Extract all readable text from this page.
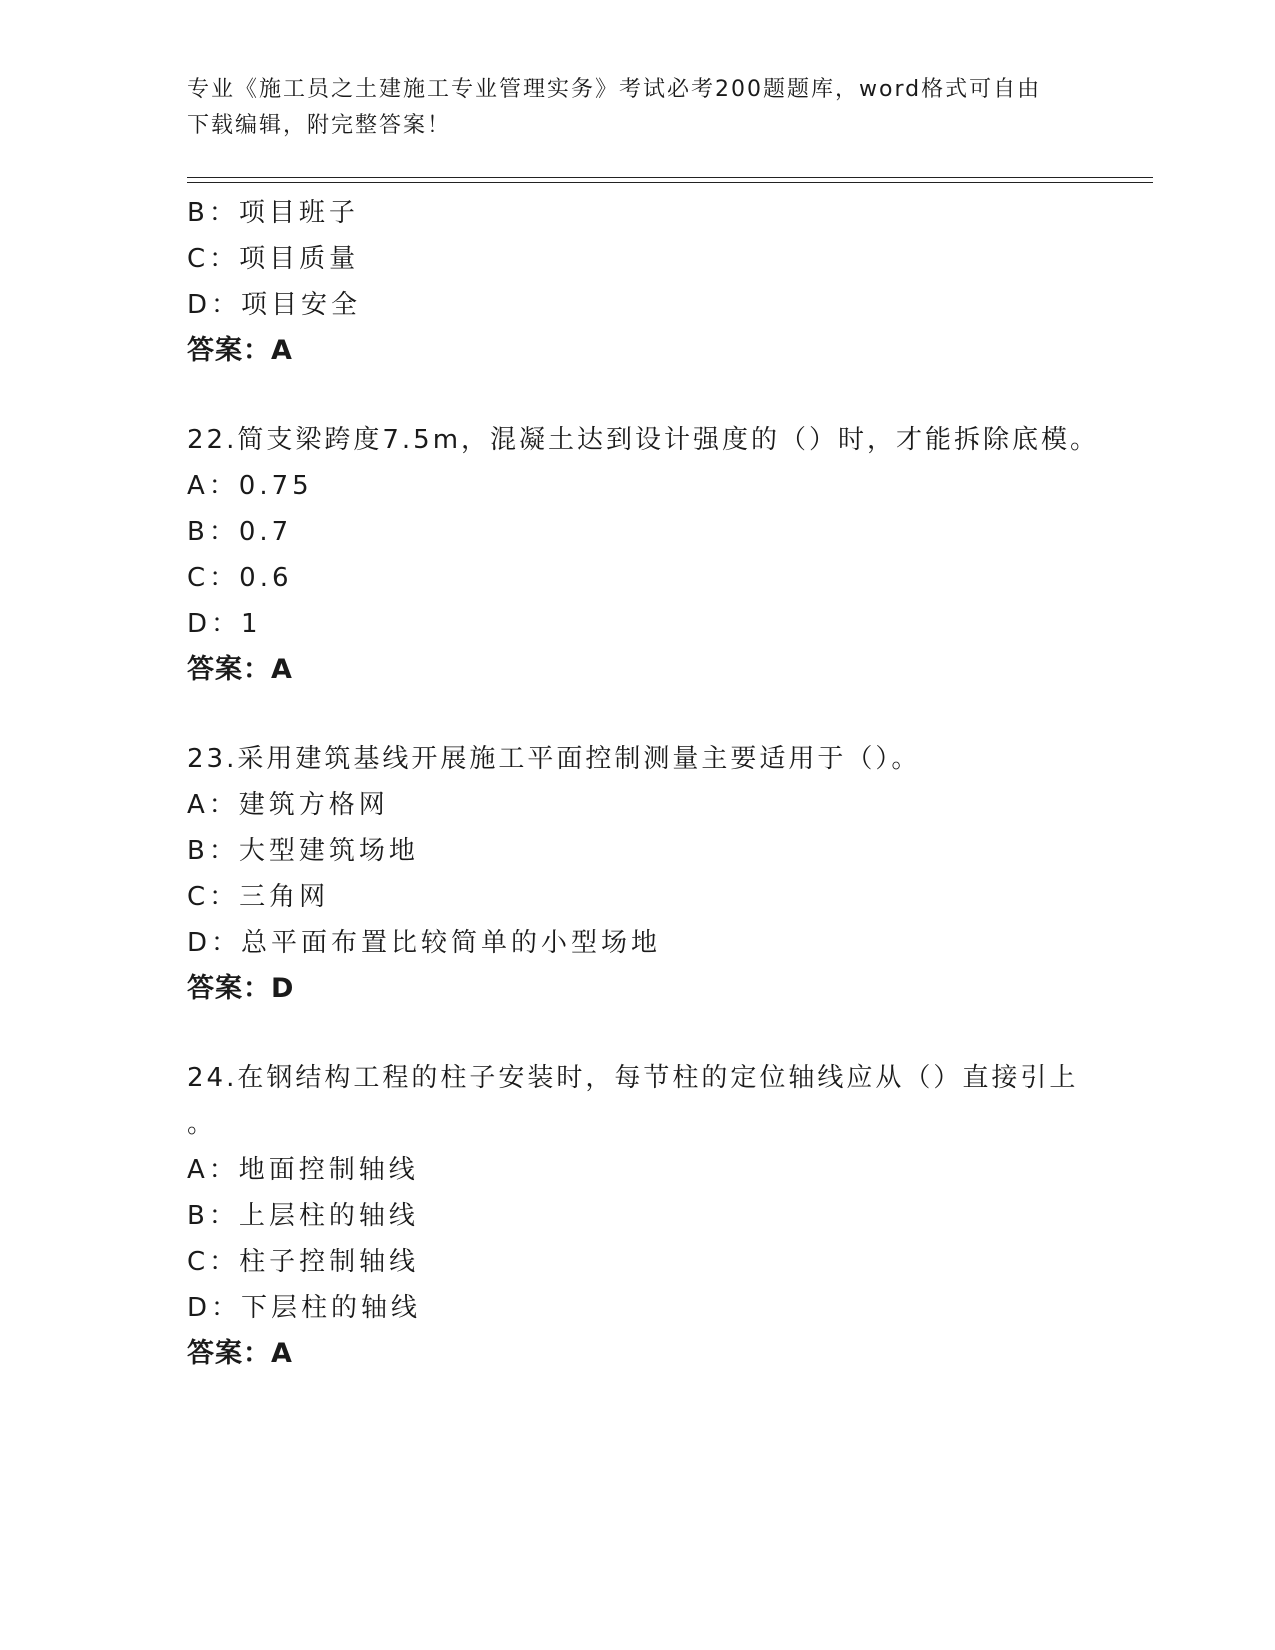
专业《施工员之土建施工专业管理实务》考试必考200题题库，word格式可自由
下载编辑，附完整答案！
B：项目班子
C：项目质量
D：项目安全
答案：A
22.简支梁跨度7.5m，混凝土达到设计强度的（）时，才能拆除底模。
A：0.75
B：0.7
C：0.6
D：1
答案：A
23.采用建筑基线开展施工平面控制测量主要适用于（）。
A：建筑方格网
B：大型建筑场地
C：三角网
D：总平面布置比较简单的小型场地
答案：D
24.在钢结构工程的柱子安装时，每节柱的定位轴线应从（）直接引上
。
A：地面控制轴线
B：上层柱的轴线
C：柱子控制轴线
D：下层柱的轴线
答案：A
